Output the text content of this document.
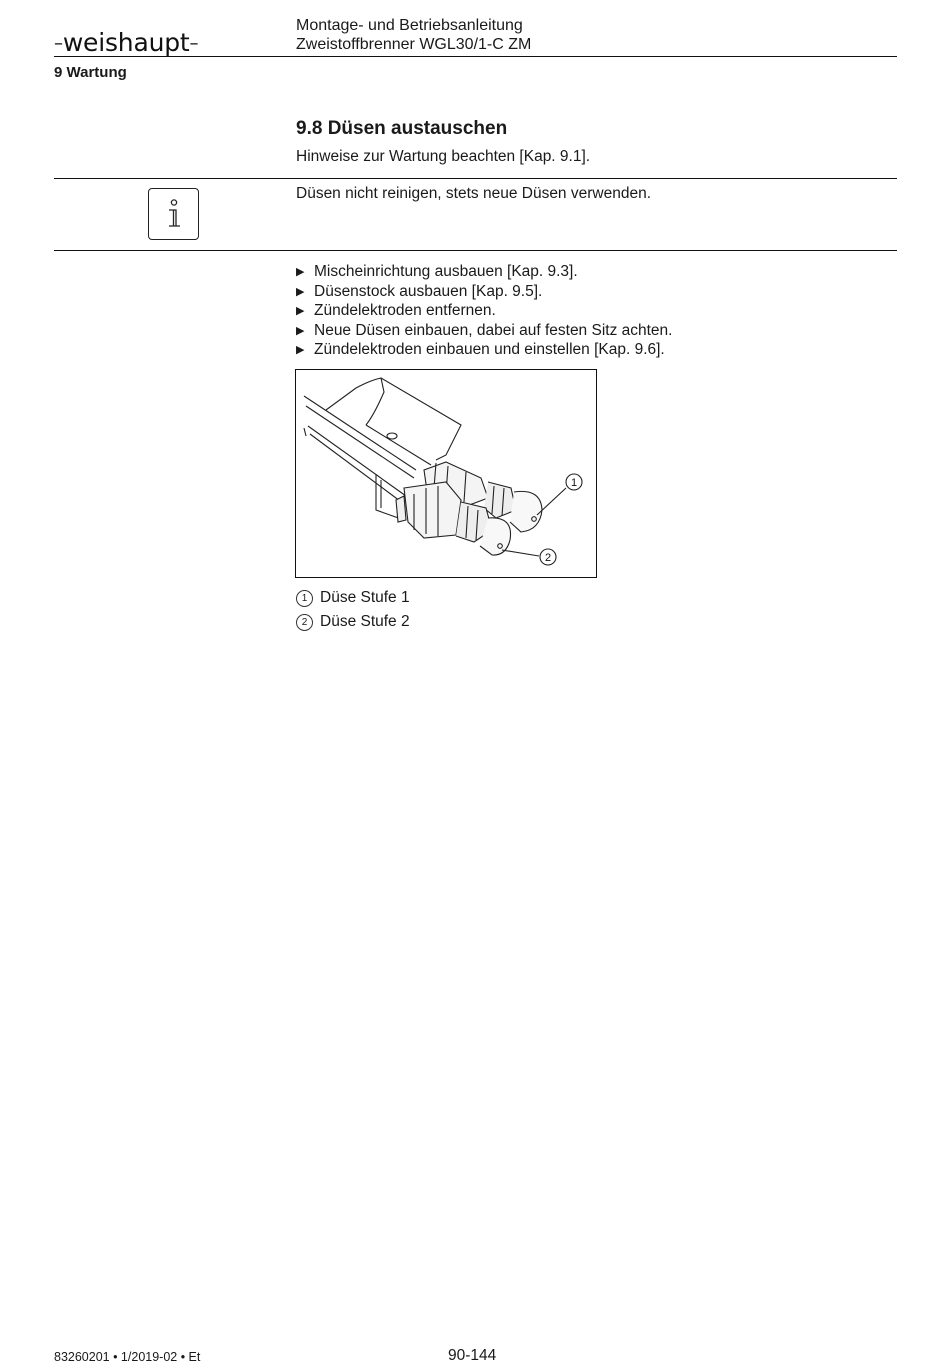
–weishaupt–
Montage- und Betriebsanleitung
Zweistoffbrenner WGL30/1-C ZM
9 Wartung
9.8 Düsen austauschen
Hinweise zur Wartung beachten [Kap. 9.1].
Düsen nicht reinigen, stets neue Düsen verwenden.
▶ Mischeinrichtung ausbauen [Kap. 9.3].
▶ Düsenstock ausbauen [Kap. 9.5].
▶ Zündelektroden entfernen.
▶ Neue Düsen einbauen, dabei auf festen Sitz achten.
▶ Zündelektroden einbauen und einstellen [Kap. 9.6].
1
2
1 Düse Stufe 1
2 Düse Stufe 2
83260201 • 1/2019-02 • Et	90-144
